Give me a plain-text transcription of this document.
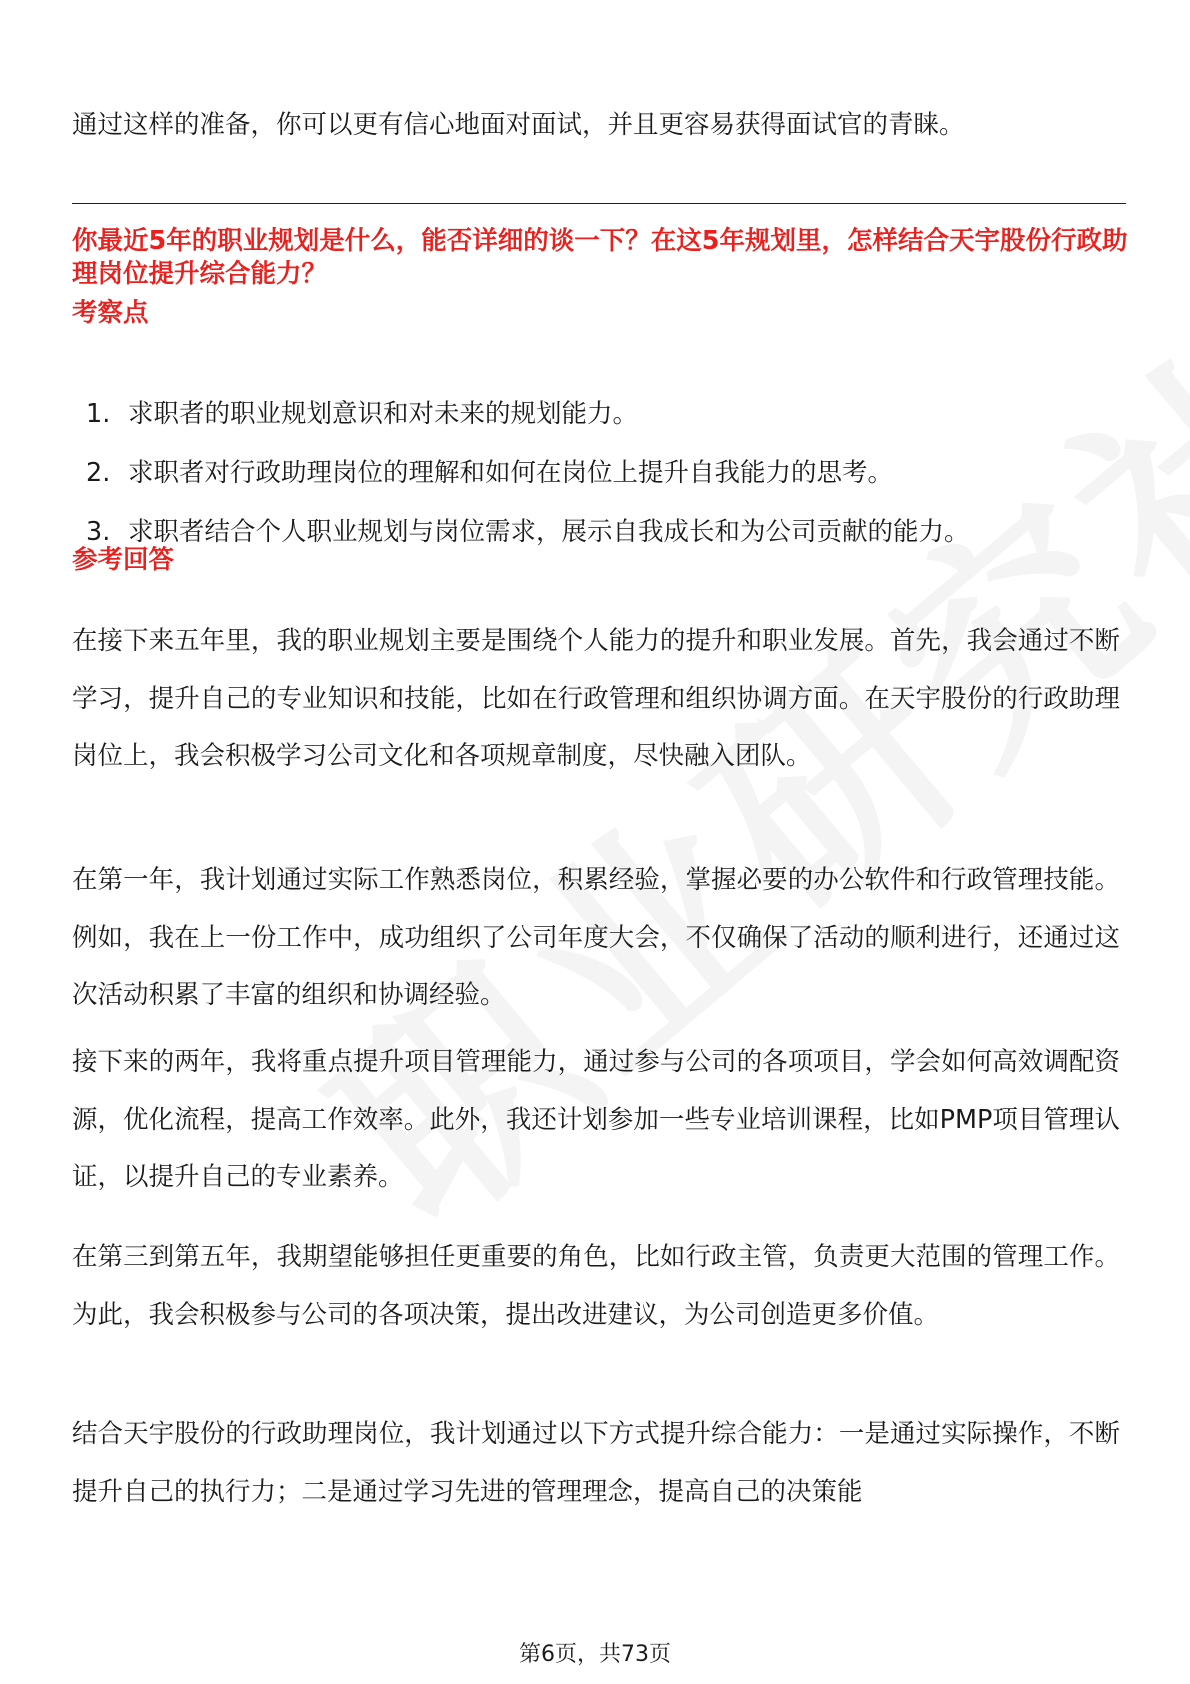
通过这样的准备，你可以更有信心地面对面试，并且更容易获得面试官的青睐。

你最近5年的职业规划是什么，能否详细的谈一下？在这5年规划里，怎样结合天宇股份行政助理岗位提升综合能力？
考察点
1. 求职者的职业规划意识和对未来的规划能力。
2. 求职者对行政助理岗位的理解和如何在岗位上提升自我能力的思考。
3. 求职者结合个人职业规划与岗位需求，展示自我成长和为公司贡献的能力。
参考回答

在接下来五年里，我的职业规划主要是围绕个人能力的提升和职业发展。首先，我会通过不断学习，提升自己的专业知识和技能，比如在行政管理和组织协调方面。在天宇股份的行政助理岗位上，我会积极学习公司文化和各项规章制度，尽快融入团队。

在第一年，我计划通过实际工作熟悉岗位，积累经验，掌握必要的办公软件和行政管理技能。例如，我在上一份工作中，成功组织了公司年度大会，不仅确保了活动的顺利进行，还通过这次活动积累了丰富的组织和协调经验。

接下来的两年，我将重点提升项目管理能力，通过参与公司的各项项目，学会如何高效调配资源，优化流程，提高工作效率。此外，我还计划参加一些专业培训课程，比如PMP项目管理认证，以提升自己的专业素养。

在第三到第五年，我期望能够担任更重要的角色，比如行政主管，负责更大范围的管理工作。为此，我会积极参与公司的各项决策，提出改进建议，为公司创造更多价值。

结合天宇股份的行政助理岗位，我计划通过以下方式提升综合能力：一是通过实际操作，不断提升自己的执行力；二是通过学习先进的管理理念，提高自己的决策能

第6页，共73页
